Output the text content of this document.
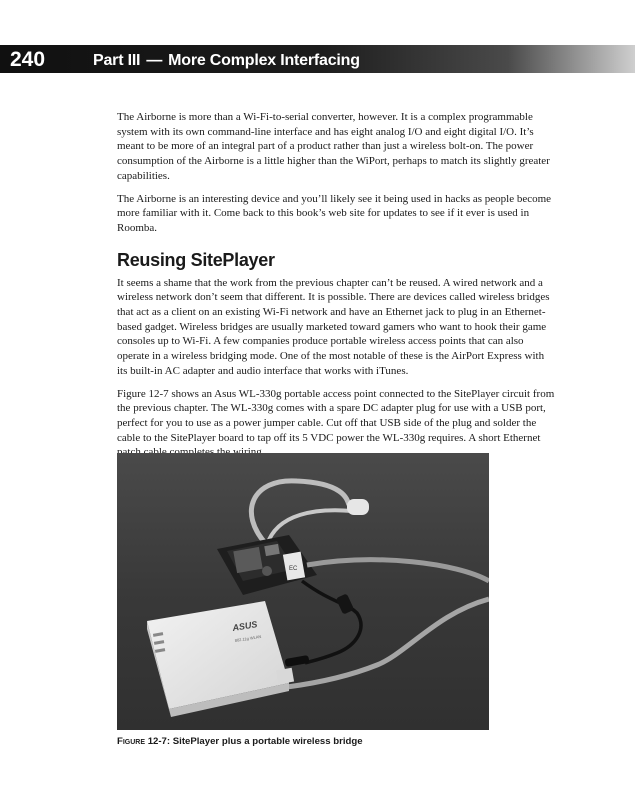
240	Part III — More Complex Interfacing

The Airborne is more than a Wi-Fi-to-serial converter, however. It is a complex programmable system with its own command-line interface and has eight analog I/O and eight digital I/O. It’s meant to be more of an integral part of a product rather than just a wireless bolt-on. The power consumption of the Airborne is a little higher than the WiPort, perhaps to match its slightly greater capabilities.

The Airborne is an interesting device and you’ll likely see it being used in hacks as people become more familiar with it. Come back to this book’s web site for updates to see if it ever is used in Roomba.

Reusing SitePlayer

It seems a shame that the work from the previous chapter can’t be reused. A wired network and a wireless network don’t seem that different. It is possible. There are devices called wireless bridges that act as a client on an existing Wi-Fi network and have an Ethernet jack to plug in an Ethernet-based gadget. Wireless bridges are usually marketed toward gamers who want to hook their game consoles up to Wi-Fi. A few companies produce portable wireless access points that can also operate in a wireless bridging mode. One of the most notable of these is the AirPort Express with its built-in AC adapter and audio interface that works with iTunes.

Figure 12-7 shows an Asus WL-330g portable access point connected to the SitePlayer circuit from the previous chapter. The WL-330g comes with a spare DC adapter plug for use with a USB port, perfect for you to use as a power jumper cable. Cut off that USB side of the plug and solder the cable to the SitePlayer board to tap off its 5 VDC power the WL-330g requires. A short Ethernet

EC
ASUS
802.11g WLAN
Figure 12-7: SitePlayer plus a portable wireless bridge
